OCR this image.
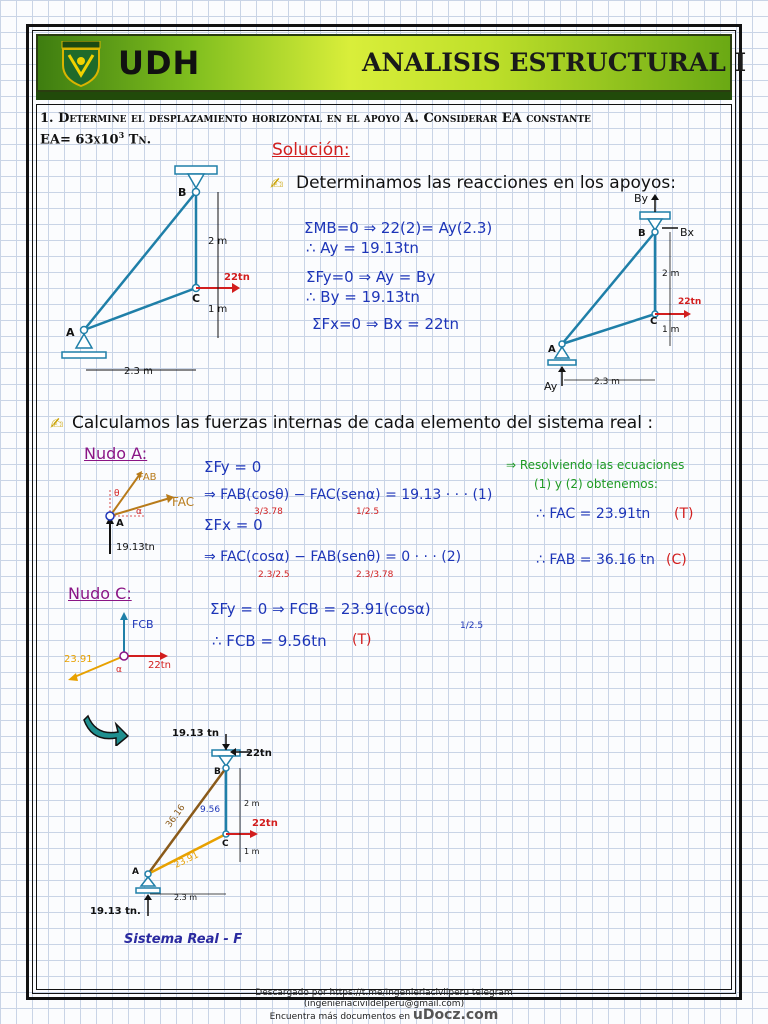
UDH	ANALISIS ESTRUCTURAL I
1. Determine el desplazamiento horizontal en el apoyo A. Considerar EA constante
$EA= 63x10^3$ Tn.
Solución:
✍ Determinamos las reacciones en los apoyos:
ΣMB=0 ⇒ 22(2)= Ay(2.3)
∴ Ay = 19.13tn
ΣFy=0 ⇒ Ay = By
∴ By = 19.13tn
ΣFx=0 ⇒ Bx = 22tn
✍ Calculamos las fuerzas internas de cada elemento del sistema real :
Nudo A:
ΣFy = 0
⇒ FAB(cosθ) − FAC(senα) = 19.13 · · · (1)
3/3.78	1/2.5
ΣFx = 0
⇒ FAC(cosα) − FAB(senθ) = 0 · · · (2)
2.3/2.5	2.3/3.78
⇒ Resolviendo las ecuaciones
(1) y (2) obtenemos:
∴ FAC = 23.91tn (T)
∴ FAB = 36.16 tn (C)
Nudo C:
ΣFy = 0 ⇒ FCB = 23.91(cosα)
1/2.5
∴ FCB = 9.56tn (T)
B
C
A
2 m
1 m
2.3 m
22tn
By
Bx
B
C
A
2 m
1 m
2.3 m
22tn
Ay
FAB
FAC
θ
α
A
19.13tn
FCB
23.91
22tn
α
B
C
A
2 m
1 m
2.3 m
22tn
22tn
19.13 tn
19.13 tn.
36.16 9.56
23.91
Sistema Real - F
Descargado por https://t.me/Ingenieriacivilperu telegram
(ingenieriacivildelperu@gmail.com)
Encuentra más documentos en uDocz.com
